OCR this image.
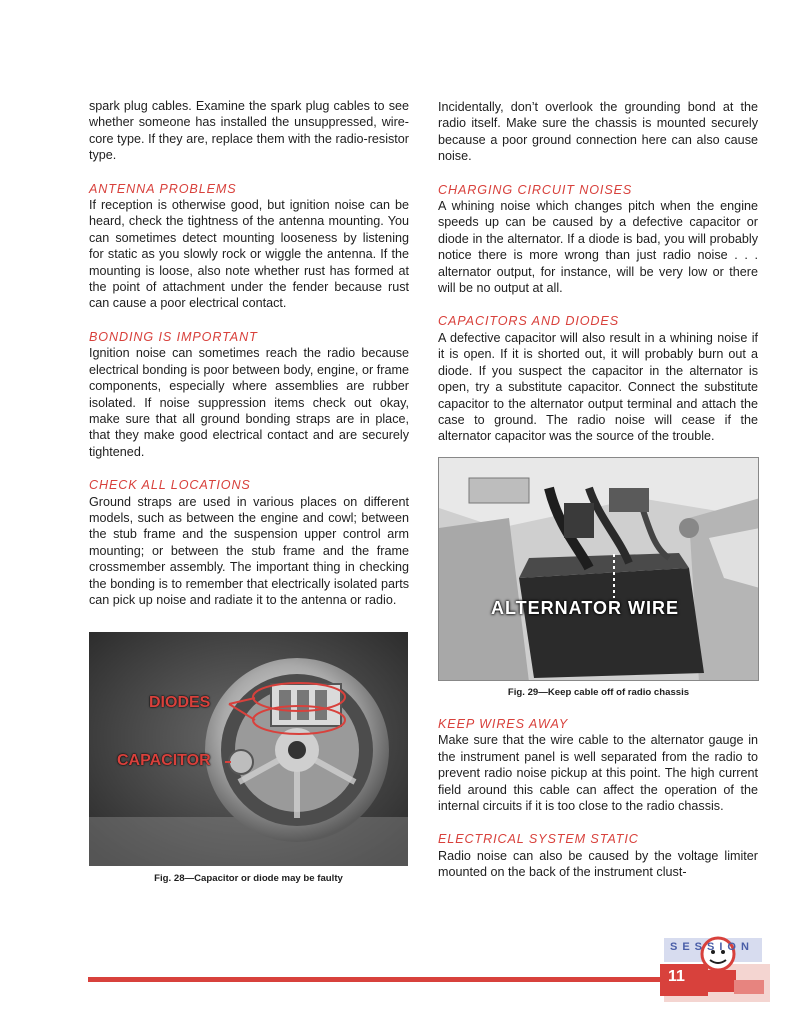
spark plug cables. Examine the spark plug cables to see whether someone has installed the unsuppressed, wire-core type. If they are, replace them with the radio-resistor type.

ANTENNA PROBLEMS

If reception is otherwise good, but ignition noise can be heard, check the tightness of the antenna mounting. You can sometimes detect mounting looseness by listening for static as you slowly rock or wiggle the antenna. If the mounting is loose, also note whether rust has formed at the point of attachment under the fender because rust can cause a poor electrical contact.

BONDING IS IMPORTANT

Ignition noise can sometimes reach the radio because electrical bonding is poor between body, engine, or frame components, especially where assemblies are rubber isolated. If noise suppression items check out okay, make sure that all ground bonding straps are in place, that they make good electrical contact and are securely tightened.

CHECK ALL LOCATIONS

Ground straps are used in various places on different models, such as between the engine and cowl; between the stub frame and the suspension upper control arm mounting; or between the stub frame and the frame crossmember assembly. The important thing in checking the bonding is to remember that electrically isolated parts can pick up noise and radiate it to the antenna or radio.

Incidentally, don’t overlook the grounding bond at the radio itself. Make sure the chassis is mounted securely because a poor ground connection here can also cause noise.

CHARGING CIRCUIT NOISES

A whining noise which changes pitch when the engine speeds up can be caused by a defective capacitor or diode in the alternator. If a diode is bad, you will probably notice there is more wrong than just radio noise . . . alternator output, for instance, will be very low or there will be no output at all.

CAPACITORS AND DIODES

A defective capacitor will also result in a whining noise if it is open. If it is shorted out, it will probably burn out a diode. If you suspect the capacitor in the alternator is open, try a substitute capacitor. Connect the substitute capacitor to the alternator output terminal and attach the case to ground. The radio noise will cease if the alternator capacitor was the source of the trouble.

KEEP WIRES AWAY

Make sure that the wire cable to the alternator gauge in the instrument panel is well separated from the radio to prevent radio noise pickup at this point. The high current field around this cable can affect the operation of the internal circuits if it is too close to the radio chassis.

ELECTRICAL SYSTEM STATIC

Radio noise can also be caused by the voltage limiter mounted on the back of the instrument clust-

DIODES
CAPACITOR
Fig. 28—Capacitor or diode may be faulty
ALTERNATOR WIRE
Fig. 29—Keep cable off of radio chassis
SESSION
11
